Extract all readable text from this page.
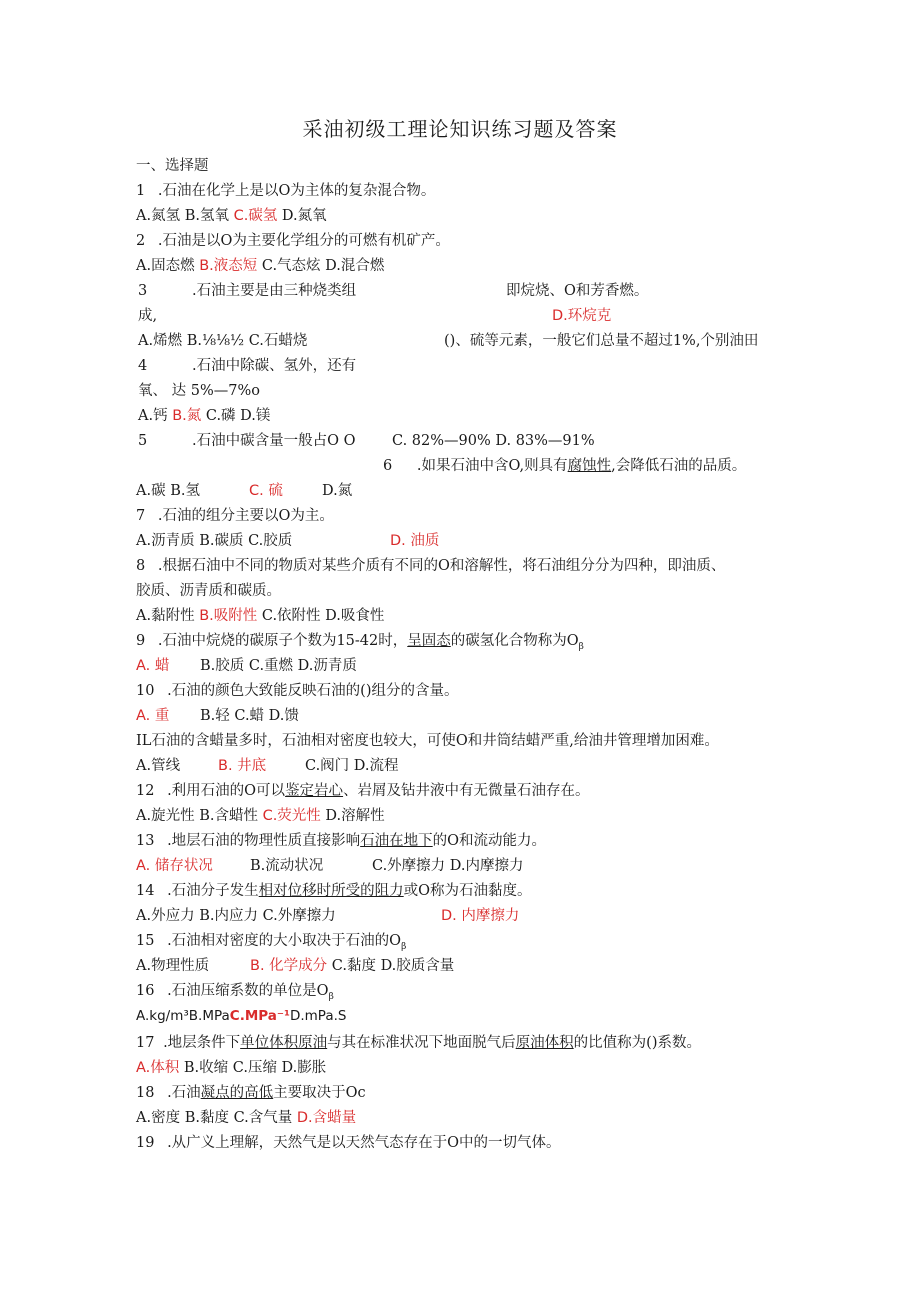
采油初级工理论知识练习题及答案
一、选择题
1 .石油在化学上是以O为主体的复杂混合物。
A.氮氢 B.氢氧 C.碳氢 D.氮氧
2 .石油是以O为主要化学组分的可燃有机矿产。
A.固态燃 B.液态短 C.气态炫 D.混合燃
3	.石油主要是由三种烧类组	即烷烧、O和芳香燃。
成,	D.环烷克
A.烯燃 B.⅛⅛½ C.石蜡烧	()、硫等元素，一般它们总量不超过1%,个别油田
4	.石油中除碳、氢外，还有
氧、 达 5%—7%o
A.钙 B.氮 C.磷 D.镁
5	.石油中碳含量一般占O O	C. 82%—90% D. 83%—91%
6 .如果石油中含O,则具有腐蚀性,会降低石油的品质。
A.碳 B.氢	C. 硫	D.氮
7 .石油的组分主要以O为主。
A.沥青质 B.碳质 C.胶质	D. 油质
8 .根据石油中不同的物质对某些介质有不同的O和溶解性，将石油组分分为四种，即油质、
胶质、沥青质和碳质。
A.黏附性 B.吸附性 C.依附性 D.吸食性
9 .石油中烷烧的碳原子个数为15-42时，呈固态的碳氢化合物称为$O_\beta$
A. 蜡 B.胶质 C.重燃 D.沥青质
10 .石油的颜色大致能反映石油的()组分的含量。
A. 重 B.轻 C.蜡 D.馈
IL石油的含蜡量多时，石油相对密度也较大，可使O和井筒结蜡严重,给油井管理增加困难。
A.管线	B. 井底	C.阀门 D.流程
12 .利用石油的O可以鉴定岩心、岩屑及钻井液中有无微量石油存在。
A.旋光性 B.含蜡性 C.荧光性 D.溶解性
13 .地层石油的物理性质直接影响石油在地下的O和流动能力。
A. 储存状况	B.流动状况	C.外摩擦力 D.内摩擦力
14 .石油分子发生相对位移时所受的阻力或O称为石油黏度。
A.外应力 B.内应力 C.外摩擦力	D. 内摩擦力
15 .石油相对密度的大小取决于石油的$O_\beta$
A.物理性质	B. 化学成分 C.黏度 D.胶质含量
16 .石油压缩系数的单位是$O_\beta$
A.kg∕m³B.MPaC.MPa⁻¹D.mPa.S
17 .地层条件下单位体积原油与其在标准状况下地面脱气后原油体积的比值称为()系数。
A.体积 B.收缩 C.压缩 D.膨胀
18 .石油凝点的高低主要取决于Oc
A.密度 B.黏度 C.含气量 D.含蜡量
19 .从广义上理解，天然气是以天然气态存在于O中的一切气体。
